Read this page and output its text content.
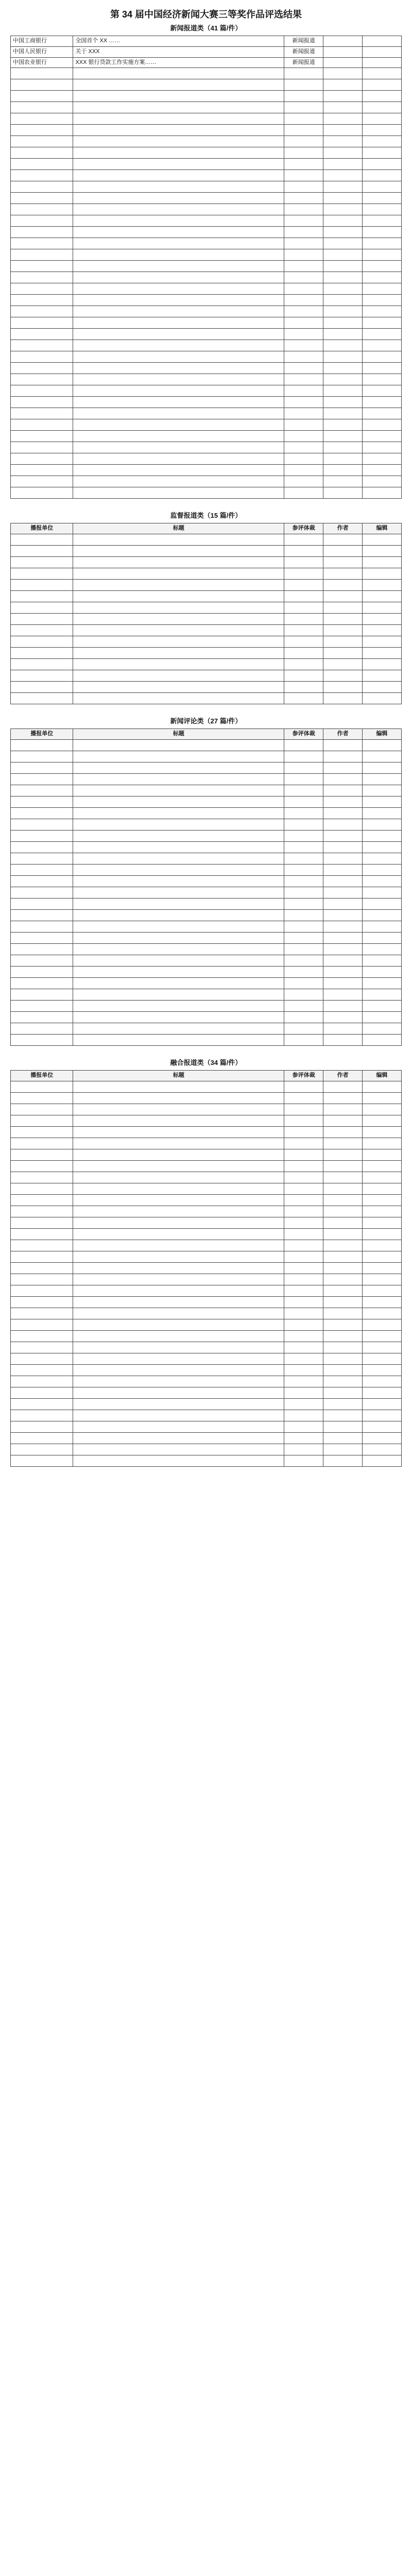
第 34 届中国经济新闻大赛三等奖作品评选结果
新闻报道类（41 篇/件）
中国工商银行	全国首个 XX ……	新闻报道		
中国人民银行	关于 XXX	新闻报道		
中国农业银行	XXX 银行贷款工作实施方案……	新闻报道		

监督报道类（15 篇/件）
播报单位	标题	参评体裁	作者	编辑

新闻评论类（27 篇/件）
播报单位	标题	参评体裁	作者	编辑

融合报道类（34 篇/件）
播报单位	标题	参评体裁	作者	编辑
